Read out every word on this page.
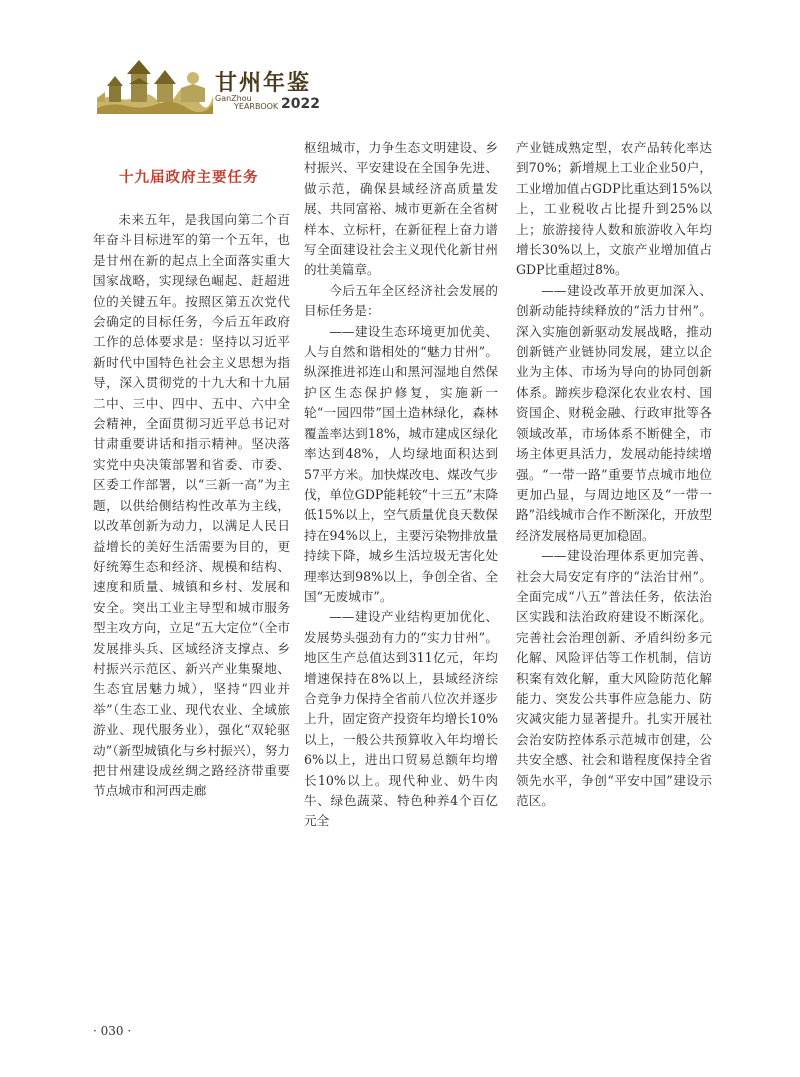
甘州年鉴
GanZhou
YEARBOOK 2022
十九届政府主要任务

未来五年，是我国向第二个百年奋斗目标进军的第一个五年，也是甘州在新的起点上全面落实重大国家战略，实现绿色崛起、赶超进位的关键五年。按照区第五次党代会确定的目标任务，今后五年政府工作的总体要求是：坚持以习近平新时代中国特色社会主义思想为指导，深入贯彻党的十九大和十九届二中、三中、四中、五中、六中全会精神，全面贯彻习近平总书记对甘肃重要讲话和指示精神。坚决落实党中央决策部署和省委、市委、区委工作部署，以“三新一高”为主题，以供给侧结构性改革为主线，以改革创新为动力，以满足人民日益增长的美好生活需要为目的，更好统筹生态和经济、规模和结构、速度和质量、城镇和乡村、发展和安全。突出工业主导型和城市服务型主攻方向，立足“五大定位”（全市发展排头兵、区域经济支撑点、乡村振兴示范区、新兴产业集聚地、生态宜居魅力城），坚持“四业并举”（生态工业、现代农业、全域旅游业、现代服务业），强化“双轮驱动”（新型城镇化与乡村振兴），努力把甘州建设成丝绸之路经济带重要节点城市和河西走廊

枢纽城市，力争生态文明建设、乡村振兴、平安建设在全国争先进、做示范，确保县域经济高质量发展、共同富裕、城市更新在全省树样本、立标杆，在新征程上奋力谱写全面建设社会主义现代化新甘州的壮美篇章。

今后五年全区经济社会发展的目标任务是：

——建设生态环境更加优美、人与自然和谐相处的“魅力甘州”。纵深推进祁连山和黑河湿地自然保护区生态保护修复，实施新一轮“一园四带”国土造林绿化，森林覆盖率达到18%，城市建成区绿化率达到48%，人均绿地面积达到57平方米。加快煤改电、煤改气步伐，单位GDP能耗较“十三五”末降低15%以上，空气质量优良天数保持在94%以上，主要污染物排放量持续下降，城乡生活垃圾无害化处理率达到98%以上，争创全省、全国“无废城市”。

——建设产业结构更加优化、发展势头强劲有力的“实力甘州”。地区生产总值达到311亿元，年均增速保持在8%以上，县域经济综合竞争力保持全省前八位次并逐步上升，固定资产投资年均增长10%以上，一般公共预算收入年均增长6%以上，进出口贸易总额年均增长10%以上。现代种业、奶牛肉牛、绿色蔬菜、特色种养4个百亿元全

产业链成熟定型，农产品转化率达到70%；新增规上工业企业50户，工业增加值占GDP比重达到15%以上，工业税收占比提升到25%以上；旅游接待人数和旅游收入年均增长30%以上，文旅产业增加值占GDP比重超过8%。

——建设改革开放更加深入、创新动能持续释放的“活力甘州”。深入实施创新驱动发展战略，推动创新链产业链协同发展，建立以企业为主体、市场为导向的协同创新体系。蹄疾步稳深化农业农村、国资国企、财税金融、行政审批等各领域改革，市场体系不断健全，市场主体更具活力，发展动能持续增强。“一带一路”重要节点城市地位更加凸显，与周边地区及“一带一路”沿线城市合作不断深化，开放型经济发展格局更加稳固。

——建设治理体系更加完善、社会大局安定有序的“法治甘州”。全面完成“八五”普法任务，依法治区实践和法治政府建设不断深化。完善社会治理创新、矛盾纠纷多元化解、风险评估等工作机制，信访积案有效化解，重大风险防范化解能力、突发公共事件应急能力、防灾减灾能力显著提升。扎实开展社会治安防控体系示范城市创建，公共安全感、社会和谐程度保持全省领先水平，争创“平安中国”建设示范区。

· 030 ·
